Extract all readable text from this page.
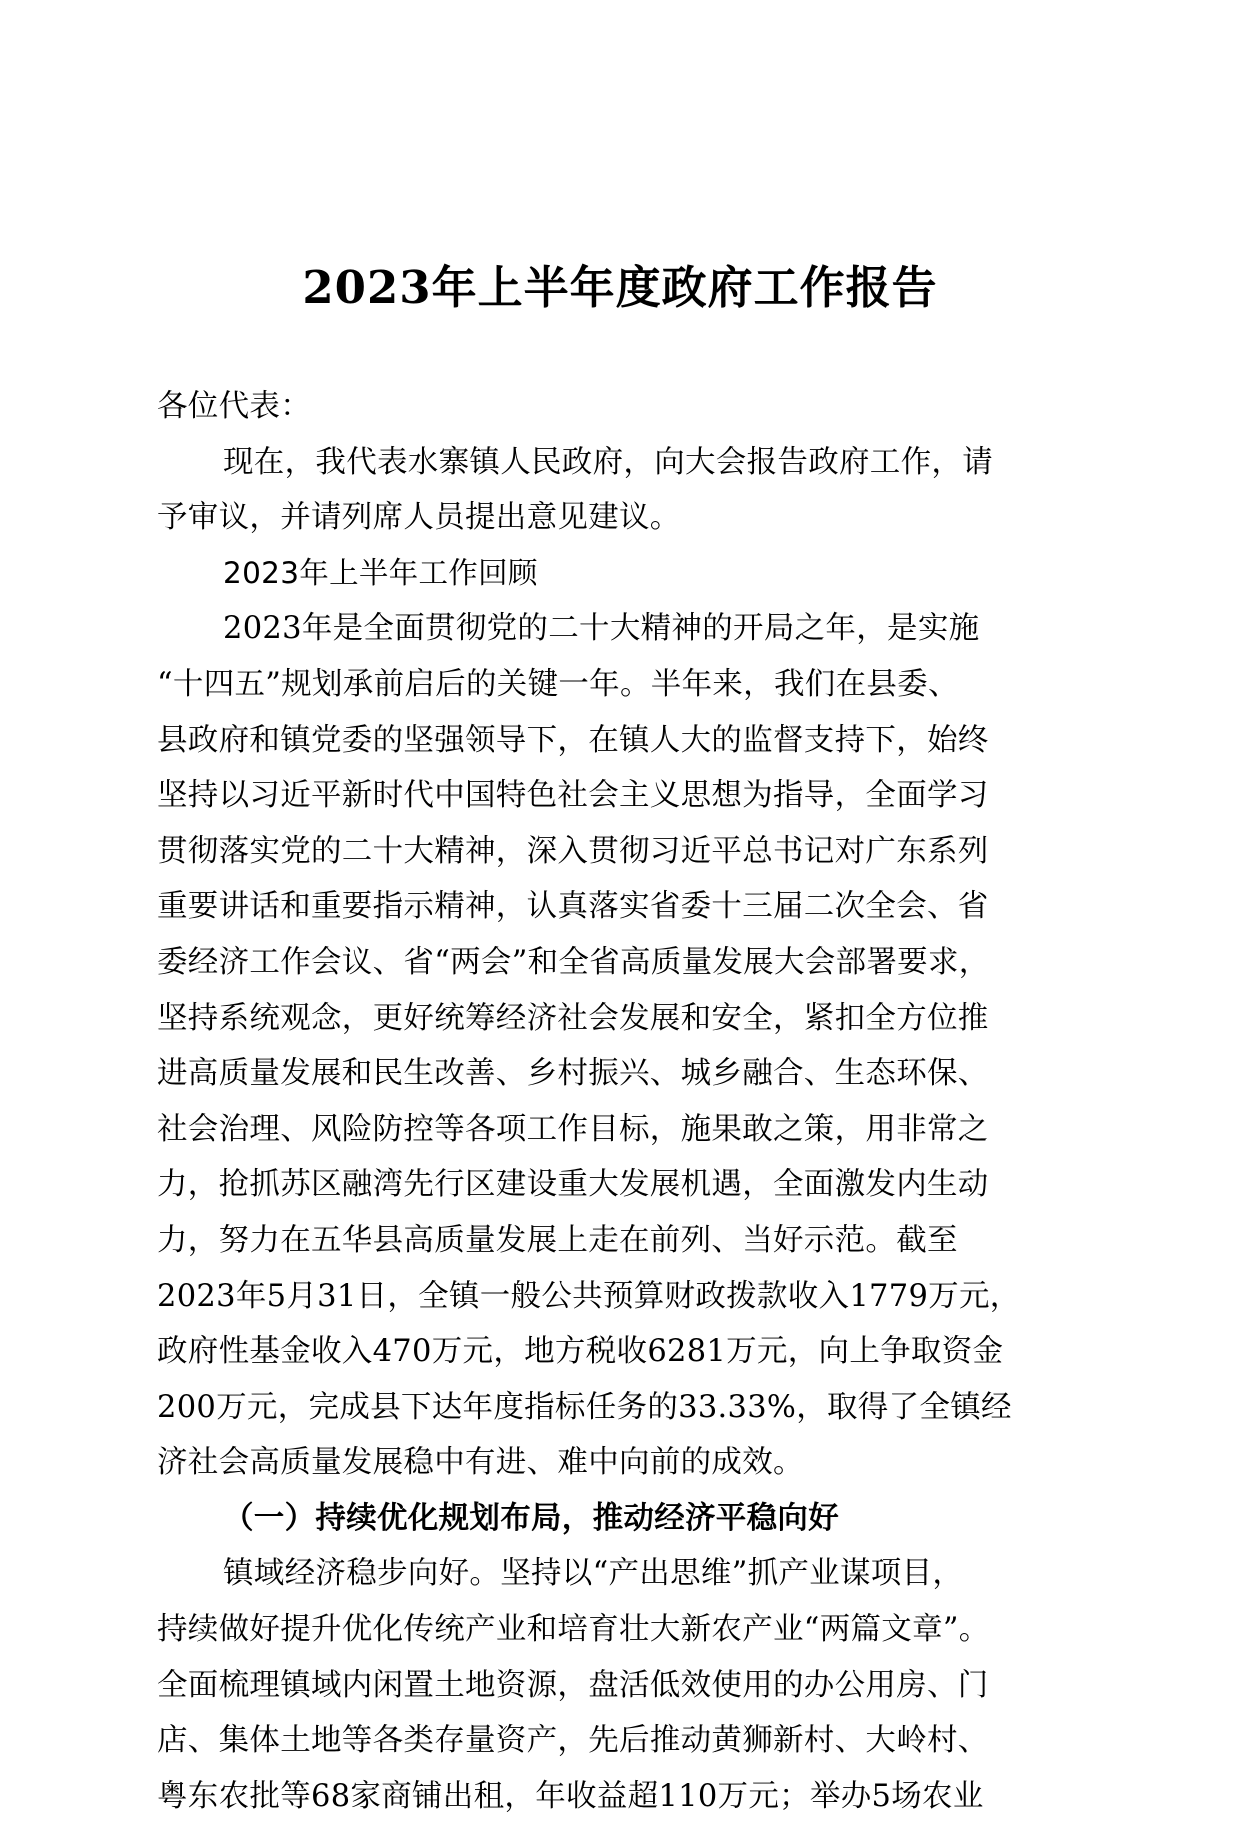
2023年上半年度政府工作报告
各位代表：
现在，我代表水寨镇人民政府，向大会报告政府工作，请
予审议，并请列席人员提出意见建议。
2023年上半年工作回顾
2023年是全面贯彻党的二十大精神的开局之年，是实施
“十四五”规划承前启后的关键一年。半年来，我们在县委、
县政府和镇党委的坚强领导下，在镇人大的监督支持下，始终
坚持以习近平新时代中国特色社会主义思想为指导，全面学习
贯彻落实党的二十大精神，深入贯彻习近平总书记对广东系列
重要讲话和重要指示精神，认真落实省委十三届二次全会、省
委经济工作会议、省“两会”和全省高质量发展大会部署要求，
坚持系统观念，更好统筹经济社会发展和安全，紧扣全方位推
进高质量发展和民生改善、乡村振兴、城乡融合、生态环保、
社会治理、风险防控等各项工作目标，施果敢之策，用非常之
力，抢抓苏区融湾先行区建设重大发展机遇，全面激发内生动
力，努力在五华县高质量发展上走在前列、当好示范。截至
2023年5月31日，全镇一般公共预算财政拨款收入1779万元，
政府性基金收入470万元，地方税收6281万元，向上争取资金
200万元，完成县下达年度指标任务的33.33%，取得了全镇经
济社会高质量发展稳中有进、难中向前的成效。
（一）持续优化规划布局，推动经济平稳向好
镇域经济稳步向好。坚持以“产出思维”抓产业谋项目，
持续做好提升优化传统产业和培育壮大新农产业“两篇文章”。
全面梳理镇域内闲置土地资源，盘活低效使用的办公用房、门
店、集体土地等各类存量资产，先后推动黄狮新村、大岭村、
粤东农批等68家商铺出租，年收益超110万元；举办5场农业
